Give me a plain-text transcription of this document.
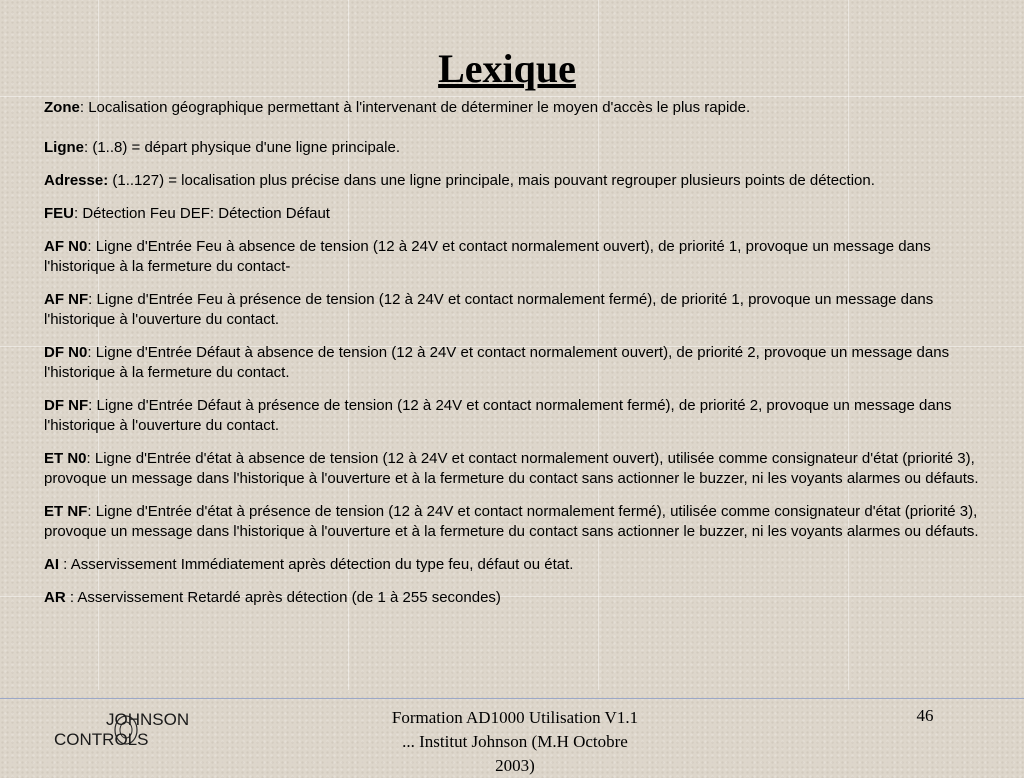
Lexique

Zone: Localisation géographique permettant à l'intervenant de déterminer le moyen d'accès le plus rapide.

Ligne: (1..8) = départ physique d'une ligne principale.

Adresse: (1..127) = localisation plus précise dans une ligne principale, mais pouvant regrouper plusieurs points de détection.

FEU: Détection Feu DEF: Détection Défaut

AF N0: Ligne d'Entrée Feu à absence de tension (12 à 24V et contact normalement ouvert), de priorité 1, provoque un message dans l'historique à la fermeture du contact-

AF NF: Ligne d'Entrée Feu à présence de tension (12 à 24V et contact normalement fermé), de priorité 1, provoque un message dans l'historique à l'ouverture du contact.

DF N0: Ligne d'Entrée Défaut à absence de tension (12 à 24V et contact normalement ouvert), de priorité 2, provoque un message dans l'historique à la fermeture du contact.

DF NF: Ligne d'Entrée Défaut à présence de tension (12 à 24V et contact normalement fermé), de priorité 2, provoque un message dans l'historique à l'ouverture du contact.

ET N0: Ligne d'Entrée d'état à absence de tension (12 à 24V et contact normalement ouvert), utilisée comme consignateur d'état (priorité 3), provoque un message dans l'historique à l'ouverture et à la fermeture du contact sans actionner le buzzer, ni les voyants alarmes ou défauts.

ET NF: Ligne d'Entrée d'état à présence de tension (12 à 24V et contact normalement fermé), utilisée comme consignateur d'état (priorité 3), provoque un message dans l'historique à l'ouverture et à la fermeture du contact sans actionner le buzzer, ni les voyants alarmes ou défauts.

AI : Asservissement Immédiatement après détection du type feu, défaut ou état.

AR : Asservissement Retardé après détection (de 1 à 255 secondes)

JOHNSON
CONTROLS
Formation AD1000 Utilisation V1.1
... Institut Johnson (M.H Octobre
2003)
46
